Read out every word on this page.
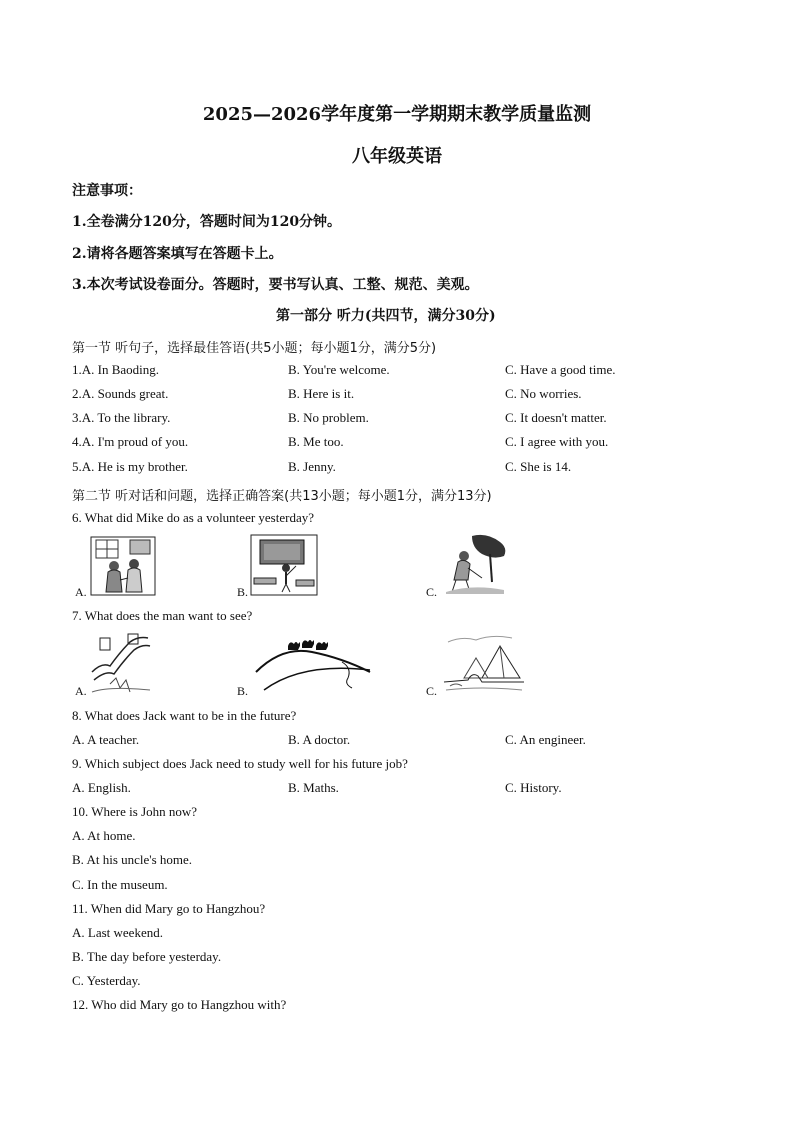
2025—2026学年度第一学期期末教学质量监测
八年级英语
注意事项：
1.全卷满分120分，答题时间为120分钟。
2.请将各题答案填写在答题卡上。
3.本次考试设卷面分。答题时，要书写认真、工整、规范、美观。
第一部分 听力(共四节，满分30分)
第一节 听句子，选择最佳答语(共5小题；每小题1分，满分5分)
1.A. In Baoding.	B. You're welcome.	C. Have a good time.
2.A. Sounds great.	B. Here is it.	C. No worries.
3.A. To the library.	B. No problem.	C. It doesn't matter.
4.A. I'm proud of you.	B. Me too.	C. I agree with you.
5.A. He is my brother.	B. Jenny.	C. She is 14.
第二节 听对话和问题，选择正确答案(共13小题；每小题1分，满分13分)
6. What did Mike do as a volunteer yesterday?
A.	B.	C.
7. What does the man want to see?
A.	B.	C.
8. What does Jack want to be in the future?
A. A teacher.	B. A doctor.	C. An engineer.
9. Which subject does Jack need to study well for his future job?
A. English.	B. Maths.	C. History.
10. Where is John now?
A. At home.
B. At his uncle's home.
C. In the museum.
11. When did Mary go to Hangzhou?
A. Last weekend.
B. The day before yesterday.
C. Yesterday.
12. Who did Mary go to Hangzhou with?
